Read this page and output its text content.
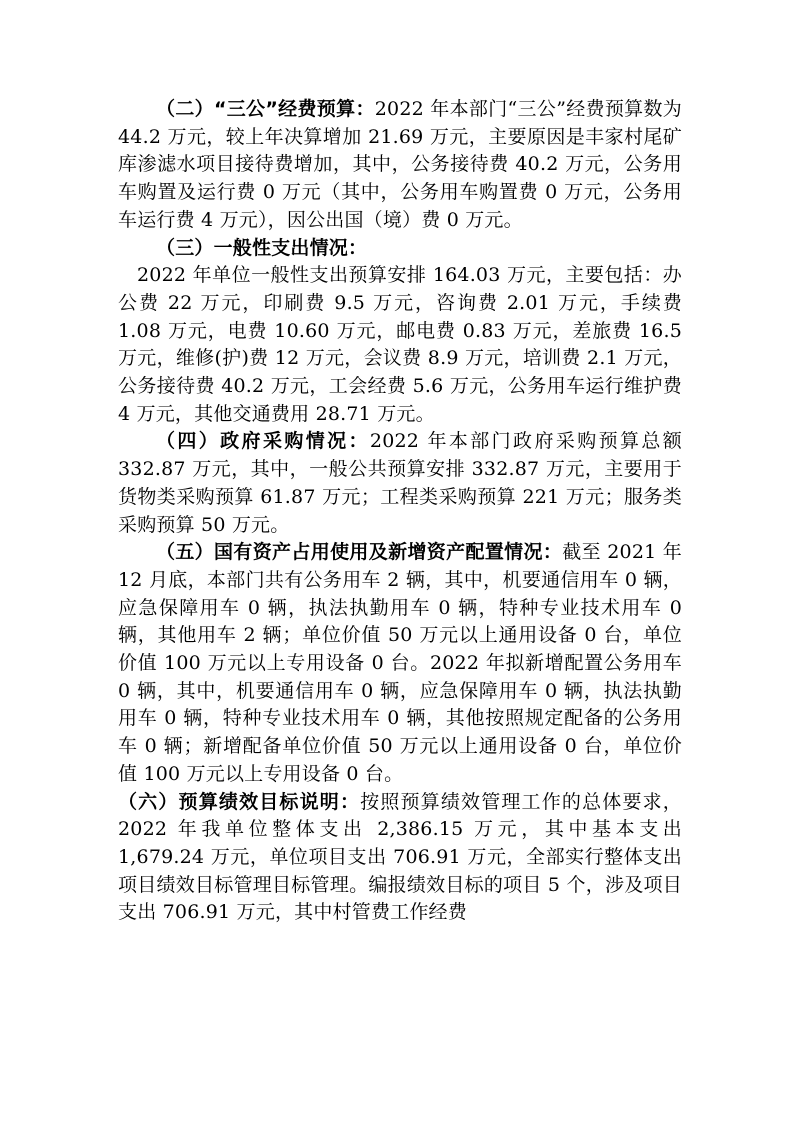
（二）“三公”经费预算：2022 年本部门“三公”经费预算数为 44.2 万元，较上年决算增加 21.69 万元，主要原因是丰家村尾矿库渗滤水项目接待费增加，其中，公务接待费 40.2 万元，公务用车购置及运行费 0 万元（其中，公务用车购置费 0 万元，公务用车运行费 4 万元），因公出国（境）费 0 万元。

（三）一般性支出情况：

2022 年单位一般性支出预算安排 164.03 万元，主要包括：办公费 22 万元，印刷费 9.5 万元，咨询费 2.01 万元，手续费 1.08 万元，电费 10.60 万元，邮电费 0.83 万元，差旅费 16.5 万元，维修(护)费 12 万元，会议费 8.9 万元，培训费 2.1 万元，公务接待费 40.2 万元，工会经费 5.6 万元，公务用车运行维护费 4 万元，其他交通费用 28.71 万元。

（四）政府采购情况：2022 年本部门政府采购预算总额 332.87 万元，其中，一般公共预算安排 332.87 万元，主要用于货物类采购预算 61.87 万元；工程类采购预算 221 万元；服务类采购预算 50 万元。

（五）国有资产占用使用及新增资产配置情况：截至 2021 年 12 月底，本部门共有公务用车 2 辆，其中，机要通信用车 0 辆，应急保障用车 0 辆，执法执勤用车 0 辆，特种专业技术用车 0 辆，其他用车 2 辆；单位价值 50 万元以上通用设备 0 台，单位价值 100 万元以上专用设备 0 台。2022 年拟新增配置公务用车 0 辆，其中，机要通信用车 0 辆，应急保障用车 0 辆，执法执勤用车 0 辆，特种专业技术用车 0 辆，其他按照规定配备的公务用车 0 辆；新增配备单位价值 50 万元以上通用设备 0 台，单位价值 100 万元以上专用设备 0 台。

（六）预算绩效目标说明：按照预算绩效管理工作的总体要求，2022 年我单位整体支出 2,386.15 万元，其中基本支出 1,679.24 万元，单位项目支出 706.91 万元，全部实行整体支出项目绩效目标管理目标管理。编报绩效目标的项目 5 个，涉及项目支出 706.91 万元，其中村管费工作经费
